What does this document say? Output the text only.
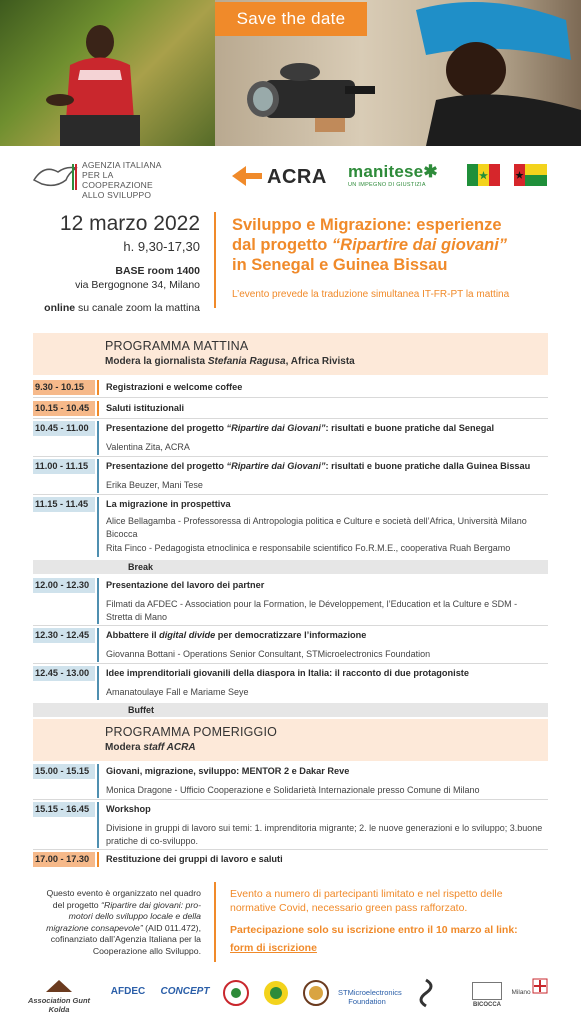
Save the date
AGENZIA ITALIANA
PER LA COOPERAZIONE
ALLO SVILUPPO
ACRA manitese✱
UN IMPEGNO DI GIUSTIZIA
12 marzo 2022
h. 9,30-17,30
BASE room 1400
via Bergognone 34, Milano
online su canale zoom la mattina
Sviluppo e Migrazione: esperienze
dal progetto “Ripartire dai giovani”
in Senegal e Guinea Bissau
L’evento prevede la traduzione simultanea IT-FR-PT la mattina
PROGRAMMA MATTINA
Modera la giornalista Stefania Ragusa, Africa Rivista
9.30 - 10.15	Registrazioni e welcome coffee
10.15 - 10.45	Saluti istituzionali
10.45 - 11.00	Presentazione del progetto “Ripartire dai Giovani”: risultati e buone pratiche dal Senegal
Valentina Zita, ACRA
11.00 - 11.15	Presentazione del progetto “Ripartire dai Giovani”: risultati e buone pratiche dalla Guinea Bissau
Erika Beuzer, Mani Tese
11.15 - 11.45	La migrazione in prospettiva
Alice Bellagamba - Professoressa di Antropologia politica e Culture e società dell’Africa, Università Milano Bicocca
Rita Finco - Pedagogista etnoclinica e responsabile scientifico Fo.R.M.E., cooperativa Ruah Bergamo
Break
12.00 - 12.30	Presentazione del lavoro dei partner
Filmati da AFDEC - Association pour la Formation, le Développement, l’Education et la Culture e SDM - Stretta di Mano
12.30 - 12.45	Abbattere il digital divide per democratizzare l’informazione
Giovanna Bottani - Operations Senior Consultant, STMicroelectronics Foundation
12.45 - 13.00	Idee imprenditoriali giovanili della diaspora in Italia: il racconto di due protagoniste
Amanatoulaye Fall e Mariame Seye
Buffet
PROGRAMMA POMERIGGIO
Modera staff ACRA
15.00 - 15.15	Giovani, migrazione, sviluppo: MENTOR 2 e Dakar Reve
Monica Dragone - Ufficio Cooperazione e Solidarietà Internazionale presso Comune di Milano
15.15 - 16.45	Workshop
Divisione in gruppi di lavoro sui temi: 1. imprenditoria migrante; 2. le nuove generazioni e lo sviluppo; 3.buone pratiche di co-sviluppo.
17.00 - 17.30	Restituzione dei gruppi di lavoro e saluti
Questo evento è organizzato nel quadro del progetto “Ripartire dai giovani: pro-motori dello sviluppo locale e della migrazione consapevole” (AID 011.472), cofinanziato dall’Agenzia Italiana per la Cooperazione allo Sviluppo.
Evento a numero di partecipanti limitato e nel rispetto delle normative Covid, necessario green pass rafforzato.
Partecipazione solo su iscrizione entro il 10 marzo al link:
form di iscrizione
Association Gunt Kolda
AFDEC	CONCEPT	STMicroelectronics Foundation	BICOCCA
Milano
